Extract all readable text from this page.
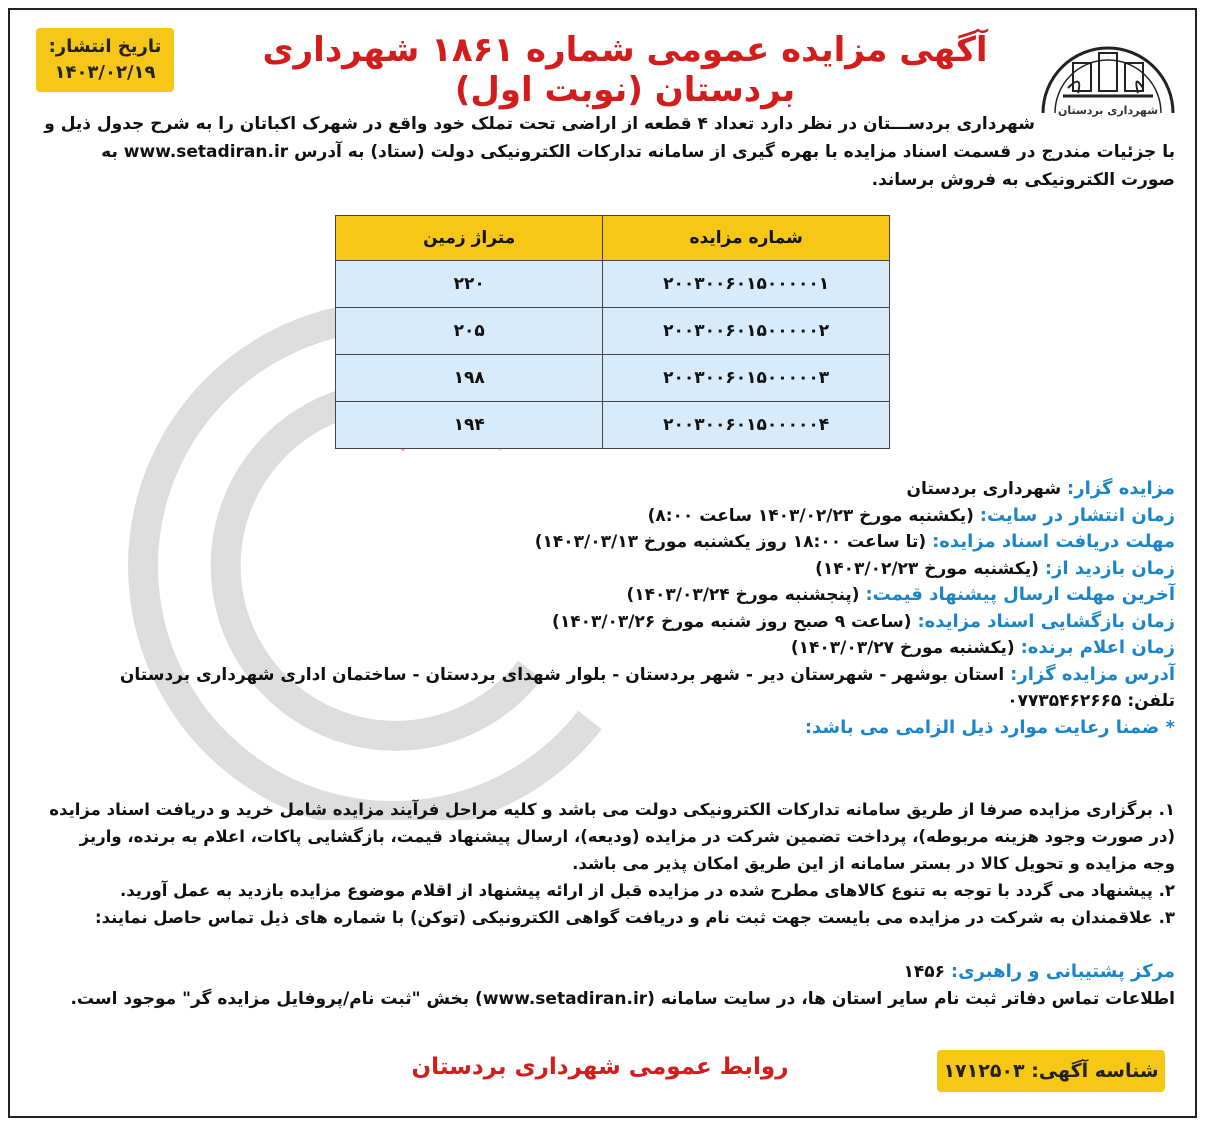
شهرداری بردستان
آگهی مزایده عمومی شماره ۱۸۶۱ شهرداری بردستان (نوبت اول)
تاریخ انتشار:
۱۴۰۳/۰۲/۱۹
شهرداری بردســـتان در نظر دارد تعداد ۴ قطعه از اراضی تحت تملک خود واقع در شهرک اکباتان را به شرح جدول ذیل و
با جزئیات مندرج در قسمت اسناد مزایده با بهره گیری از سامانه تدارکات الکترونیکی دولت (ستاد) به آدرس www.setadiran.ir به
صورت الکترونیکی به فروش برساند.
شماره مزایده	متراژ زمین
۲۰۰۳۰۰۶۰۱۵۰۰۰۰۰۱	۲۲۰
۲۰۰۳۰۰۶۰۱۵۰۰۰۰۰۲	۲۰۵
۲۰۰۳۰۰۶۰۱۵۰۰۰۰۰۳	۱۹۸
۲۰۰۳۰۰۶۰۱۵۰۰۰۰۰۴	۱۹۴
مزایده گزار: شهرداری بردستان
زمان انتشار در سایت: (یکشنبه مورخ ۱۴۰۳/۰۲/۲۳ ساعت ۸:۰۰)
مهلت دریافت اسناد مزایده: (تا ساعت ۱۸:۰۰ روز یکشنبه مورخ ۱۴۰۳/۰۳/۱۳)
زمان بازدید از: (یکشنبه مورخ ۱۴۰۳/۰۲/۲۳)
آخرین مهلت ارسال پیشنهاد قیمت: (پنجشنبه مورخ ۱۴۰۳/۰۳/۲۴)
زمان بازگشایی اسناد مزایده: (ساعت ۹ صبح روز شنبه مورخ ۱۴۰۳/۰۳/۲۶)
زمان اعلام برنده: (یکشنبه مورخ ۱۴۰۳/۰۳/۲۷)
آدرس مزایده گزار: استان بوشهر - شهرستان دیر - شهر بردستان - بلوار شهدای بردستان - ساختمان اداری شهرداری بردستان
تلفن: ۰۷۷۳۵۴۶۲۶۶۵
* ضمنا رعایت موارد ذیل الزامی می باشد:
۱. برگزاری مزایده صرفا از طریق سامانه تدارکات الکترونیکی دولت می باشد و کلیه مراحل فرآیند مزایده شامل خرید و دریافت اسناد مزایده
(در صورت وجود هزینه مربوطه)، پرداخت تضمین شرکت در مزایده (ودیعه)، ارسال پیشنهاد قیمت، بازگشایی پاکات، اعلام به برنده، واریز
وجه مزایده و تحویل کالا در بستر سامانه از این طریق امکان پذیر می باشد.
۲. پیشنهاد می گردد با توجه به تنوع کالاهای مطرح شده در مزایده قبل از ارائه پیشنهاد از اقلام موضوع مزایده بازدید به عمل آورید.
۳. علاقمندان به شرکت در مزایده می بایست جهت ثبت نام و دریافت گواهی الکترونیکی (توکن) با شماره های ذیل تماس حاصل نمایند:
مرکز پشتیبانی و راهبری: ۱۴۵۶
اطلاعات تماس دفاتر ثبت نام سایر استان ها، در سایت سامانه (www.setadiran.ir) بخش "ثبت نام/پروفایل مزایده گر" موجود است.
شناسه آگهی: ۱۷۱۲۵۰۳
روابط عمومی شهرداری بردستان
